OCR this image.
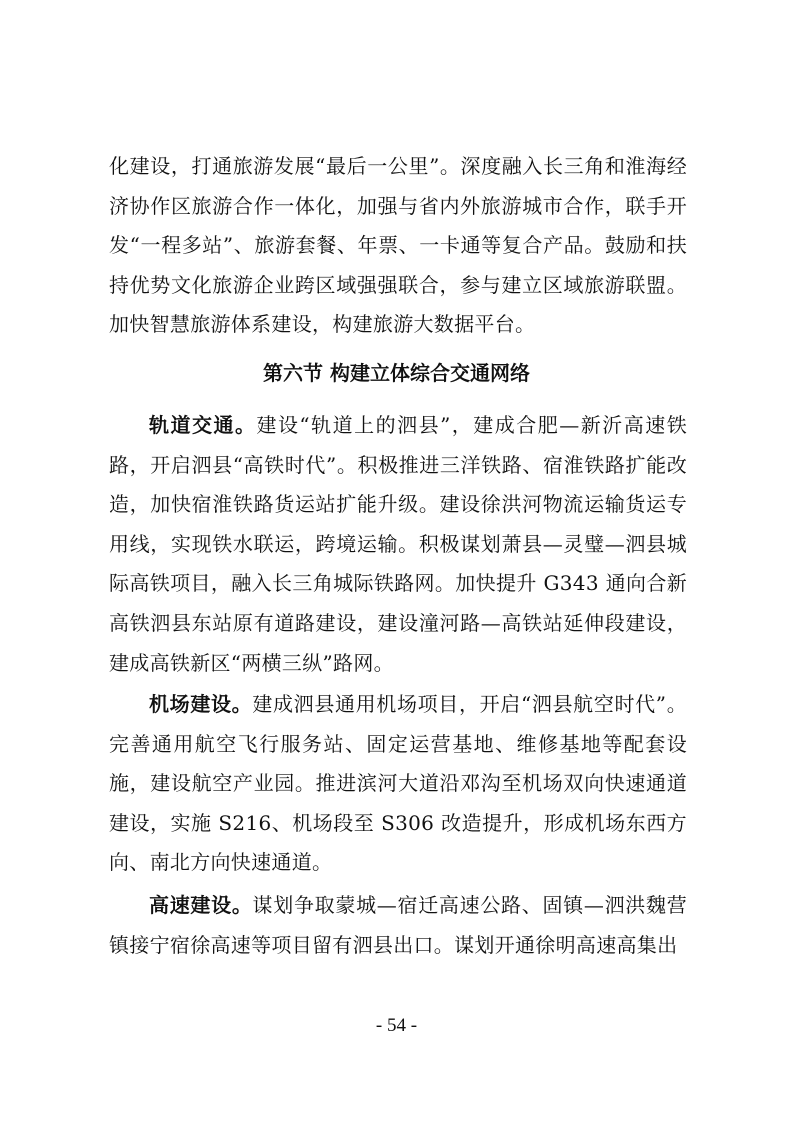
化建设，打通旅游发展“最后一公里”。深度融入长三角和淮海经济协作区旅游合作一体化，加强与省内外旅游城市合作，联手开发“一程多站”、旅游套餐、年票、一卡通等复合产品。鼓励和扶持优势文化旅游企业跨区域强强联合，参与建立区域旅游联盟。加快智慧旅游体系建设，构建旅游大数据平台。

第六节 构建立体综合交通网络

轨道交通。建设“轨道上的泗县”，建成合肥—新沂高速铁路，开启泗县“高铁时代”。积极推进三洋铁路、宿淮铁路扩能改造，加快宿淮铁路货运站扩能升级。建设徐洪河物流运输货运专用线，实现铁水联运，跨境运输。积极谋划萧县—灵璧—泗县城际高铁项目，融入长三角城际铁路网。加快提升 G343 通向合新高铁泗县东站原有道路建设，建设潼河路—高铁站延伸段建设，建成高铁新区“两横三纵”路网。

机场建设。建成泗县通用机场项目，开启“泗县航空时代”。完善通用航空飞行服务站、固定运营基地、维修基地等配套设施，建设航空产业园。推进滨河大道沿邓沟至机场双向快速通道建设，实施 S216、机场段至 S306 改造提升，形成机场东西方向、南北方向快速通道。

高速建设。谋划争取蒙城—宿迁高速公路、固镇—泗洪魏营镇接宁宿徐高速等项目留有泗县出口。谋划开通徐明高速高集出

- 54 -
